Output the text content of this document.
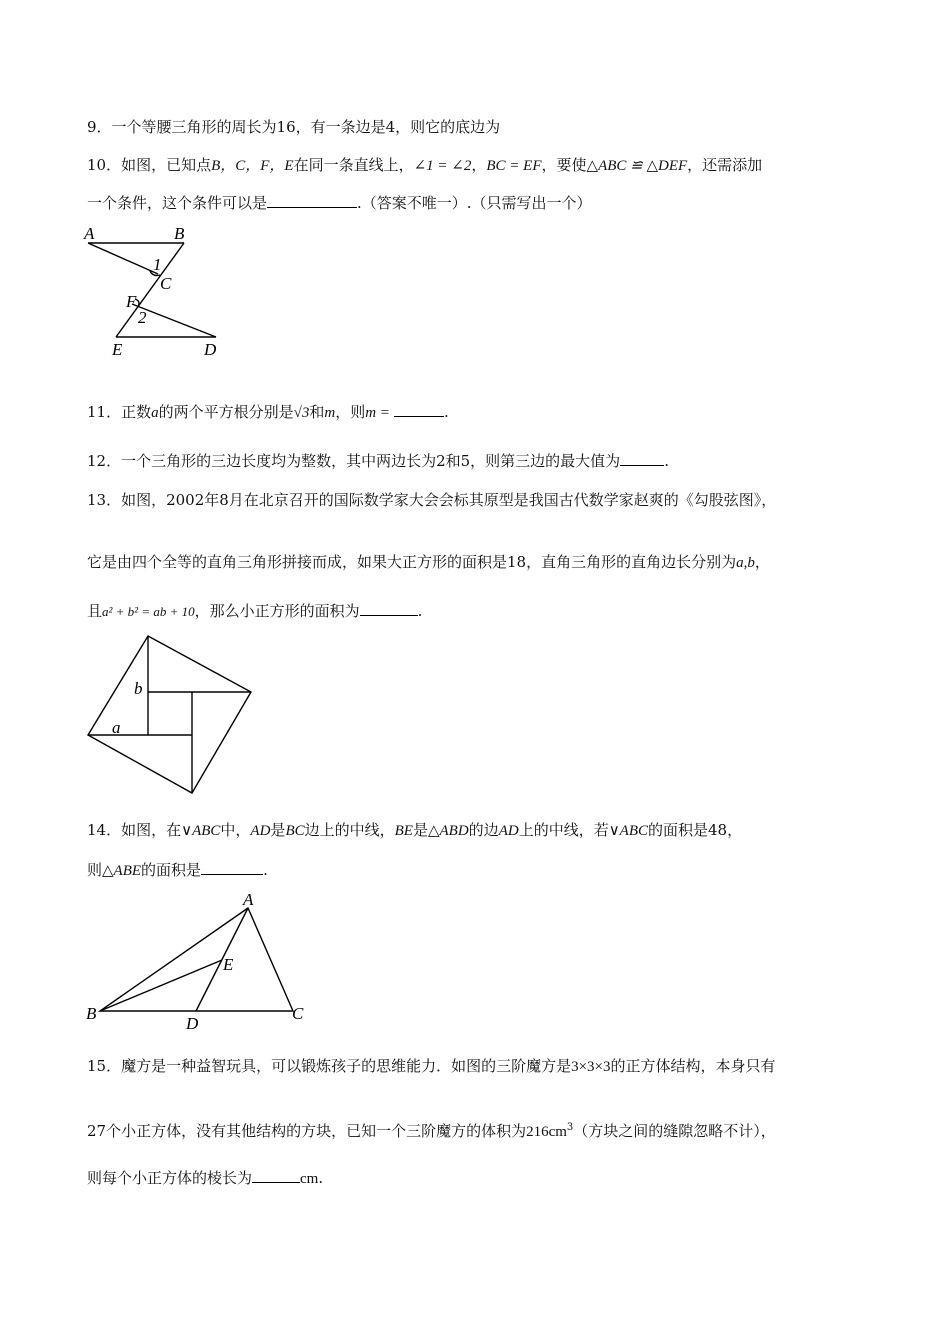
9．一个等腰三角形的周长为16，有一条边是4，则它的底边为
10．如图，已知点B，C，F，E在同一条直线上，∠1 = ∠2，BC = EF，要使△ABC ≌ △DEF，还需添加
一个条件，这个条件可以是	.（答案不唯一）.（只需写出一个）
A	B
1
C
F
2
E	D
11．正数a的两个平方根分别是√3和m，则m =	.
12．一个三角形的三边长度均为整数，其中两边长为2和5，则第三边的最大值为	.
13．如图，2002年8月在北京召开的国际数学家大会会标其原型是我国古代数学家赵爽的《勾股弦图》，
它是由四个全等的直角三角形拼接而成，如果大正方形的面积是18，直角三角形的直角边长分别为a,b，
且a² + b² = ab + 10，那么小正方形的面积为	.
b
a
14．如图，在∨ABC中，AD是BC边上的中线，BE是△ABD的边AD上的中线，若∨ABC的面积是48，
则△ABE的面积是	.
A
E
B
D
C
15．魔方是一种益智玩具，可以锻炼孩子的思维能力．如图的三阶魔方是3×3×3的正方体结构，本身只有
27个小正方体，没有其他结构的方块，已知一个三阶魔方的体积为$216cm^3$（方块之间的缝隙忽略不计），
则每个小正方体的棱长为	cm.
